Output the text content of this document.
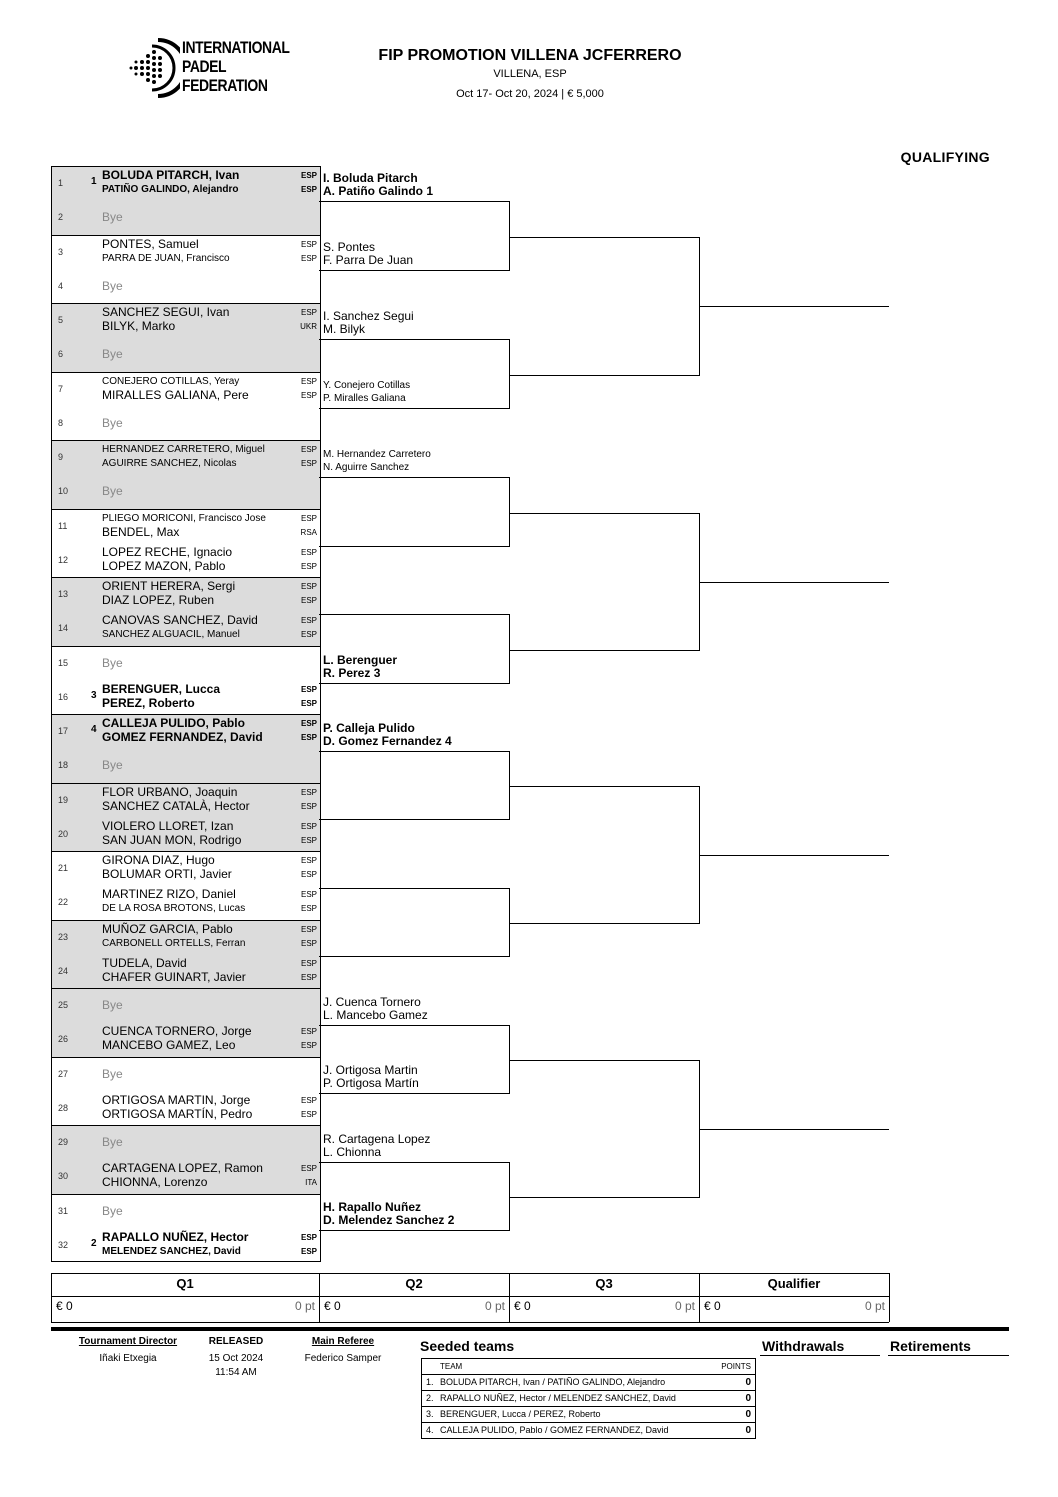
INTERNATIONAL
PADEL
FEDERATION
FIP PROMOTION VILLENA JCFERRERO
VILLENA, ESP
Oct 17- Oct 20, 2024 | € 5,000
QUALIFYING
1	1 BOLUDA PITARCH, Ivan	ESP
PATIÑO GALINDO, Alejandro	ESP
2	Bye
3
PONTES, Samuel	ESP
PARRA DE JUAN, Francisco	ESP
4	Bye
5
SANCHEZ SEGUI, Ivan	ESP
BILYK, Marko	UKR
6	Bye
7
CONEJERO COTILLAS, Yeray	ESP
MIRALLES GALIANA, Pere	ESP
8	Bye
9
HERNANDEZ CARRETERO, Miguel	ESP
AGUIRRE SANCHEZ, Nicolas	ESP
10	Bye
11
PLIEGO MORICONI, Francisco Jose	ESP
BENDEL, Max	RSA
12
LOPEZ RECHE, Ignacio	ESP
LOPEZ MAZON, Pablo	ESP
13
ORIENT HERERA, Sergi	ESP
DIAZ LOPEZ, Ruben	ESP
14
CANOVAS SANCHEZ, David	ESP
SANCHEZ ALGUACIL, Manuel	ESP
15	Bye
16	3 BERENGUER, Lucca	ESP
PEREZ, Roberto	ESP
17	4 CALLEJA PULIDO, Pablo	ESP
GOMEZ FERNANDEZ, David	ESP
18	Bye
19
FLOR URBANO, Joaquin	ESP
SANCHEZ CATALÀ, Hector	ESP
20
VIOLERO LLORET, Izan	ESP
SAN JUAN MON, Rodrigo	ESP
21
GIRONA DIAZ, Hugo	ESP
BOLUMAR ORTI, Javier	ESP
22
MARTINEZ RIZO, Daniel	ESP
DE LA ROSA BROTONS, Lucas	ESP
23
MUÑOZ GARCIA, Pablo	ESP
CARBONELL ORTELLS, Ferran	ESP
24
TUDELA, David	ESP
CHAFER GUINART, Javier	ESP
25	Bye
26
CUENCA TORNERO, Jorge	ESP
MANCEBO GAMEZ, Leo	ESP
27	Bye
28
ORTIGOSA MARTIN, Jorge	ESP
ORTIGOSA MARTÍN, Pedro	ESP
29	Bye
30
CARTAGENA LOPEZ, Ramon	ESP
CHIONNA, Lorenzo	ITA
31	Bye
32	2 RAPALLO NUÑEZ, Hector	ESP
MELENDEZ SANCHEZ, David	ESP
I. Boluda Pitarch
A. Patiño Galindo 1
S. Pontes
F. Parra De Juan
I. Sanchez Segui
M. Bilyk
Y. Conejero Cotillas
P. Miralles Galiana
M. Hernandez Carretero
N. Aguirre Sanchez
L. Berenguer
R. Perez 3
P. Calleja Pulido
D. Gomez Fernandez 4
J. Cuenca Tornero
L. Mancebo Gamez
J. Ortigosa Martin
P. Ortigosa Martín
R. Cartagena Lopez
L. Chionna
H. Rapallo Nuñez
D. Melendez Sanchez 2
Q1
€ 0	0 pt
Q2
€ 0	0 pt
Q3
€ 0	0 pt
Qualifier
€ 0	0 pt
Tournament Director
Iñaki Etxegia
RELEASED
15 Oct 2024
11:54 AM
Main Referee
Federico Samper
Seeded teams
TEAM	POINTS
1. BOLUDA PITARCH, Ivan / PATIÑO GALINDO, Alejandro	0
2. RAPALLO NUÑEZ, Hector / MELENDEZ SANCHEZ, David	0
3. BERENGUER, Lucca / PEREZ, Roberto	0
4. CALLEJA PULIDO, Pablo / GOMEZ FERNANDEZ, David	0
Withdrawals	Retirements
